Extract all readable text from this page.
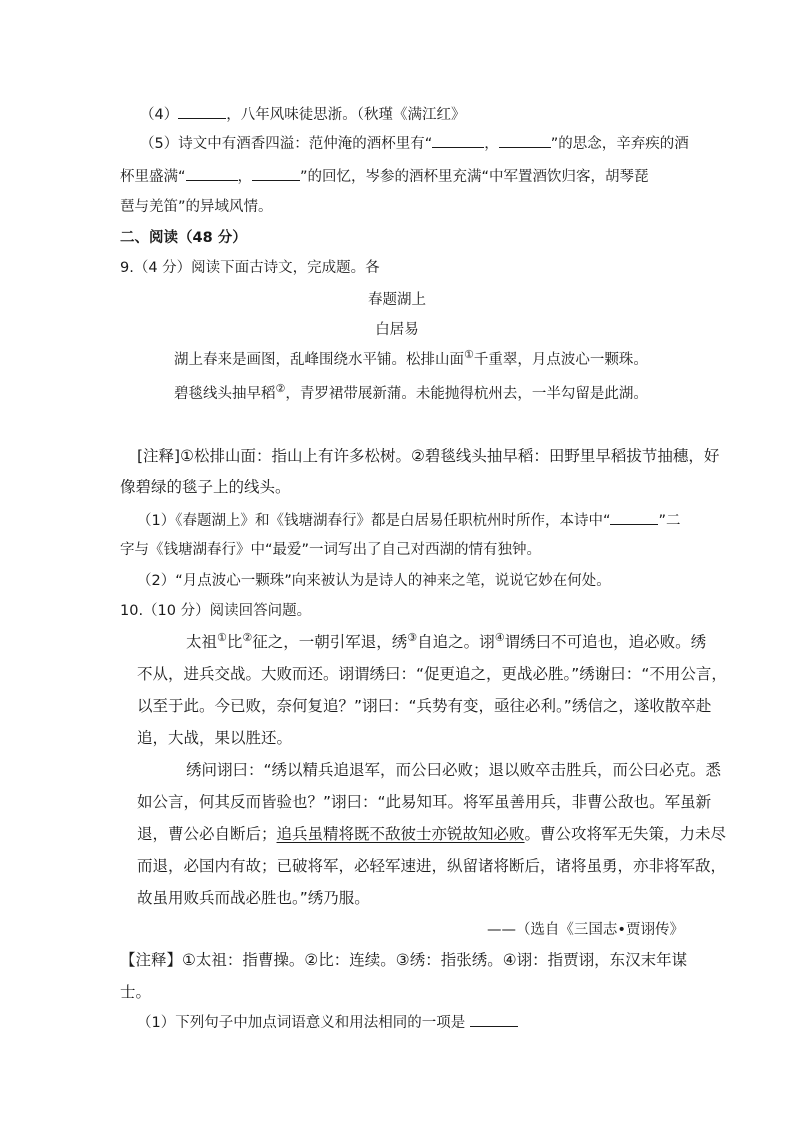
（4）	，八年风味徒思浙。（秋瑾《满江红》
（5）诗文中有酒香四溢：范仲淹的酒杯里有“	，	”的思念，辛弃疾的酒
杯里盛满“	，	”的回忆，岑参的酒杯里充满“中军置酒饮归客，胡琴琵
琶与羌笛”的异域风情。
二、阅读（48 分）
9.（4 分）阅读下面古诗文，完成题。各
春题湖上
白居易
湖上春来是画图，乱峰围绕水平铺。松排山面①千重翠，月点波心一颗珠。
碧毯线头抽早稻②，青罗裙带展新蒲。未能抛得杭州去，一半勾留是此湖。
[注释]①松排山面：指山上有许多松树。②碧毯线头抽早稻：田野里早稻拔节抽穗，好
像碧绿的毯子上的线头。
（1）《春题湖上》和《钱塘湖春行》都是白居易任职杭州时所作，本诗中“	”二
字与《钱塘湖春行》中“最爱”一词写出了自己对西湖的情有独钟。
（2）“月点波心一颗珠”向来被认为是诗人的神来之笔，说说它妙在何处。
10.（10 分）阅读回答问题。
太祖①比②征之，一朝引军退，绣③自追之。诩④谓绣曰不可追也，追必败。绣
不从，进兵交战。大败而还。诩谓绣曰：“促更追之，更战必胜。”绣谢曰：“不用公言，
以至于此。今已败，奈何复追？”诩曰：“兵势有变，亟往必利。”绣信之，遂收散卒赴
追，大战，果以胜还。
绣问诩曰：“绣以精兵追退军，而公曰必败；退以败卒击胜兵，而公曰必克。悉
如公言，何其反而皆验也？”诩曰：“此易知耳。将军虽善用兵，非曹公敌也。军虽新
退，曹公必自断后；追兵虽精将既不敌彼士亦锐故知必败。曹公攻将军无失策，力未尽
而退，必国内有故；已破将军，必轻军速进，纵留诸将断后，诸将虽勇，亦非将军敌，
故虽用败兵而战必胜也。”绣乃服。
——（选自《三国志•贾诩传》
【注释】①太祖：指曹操。②比：连续。③绣：指张绣。④诩：指贾诩，东汉末年谋
士。
（1）下列句子中加点词语意义和用法相同的一项是
